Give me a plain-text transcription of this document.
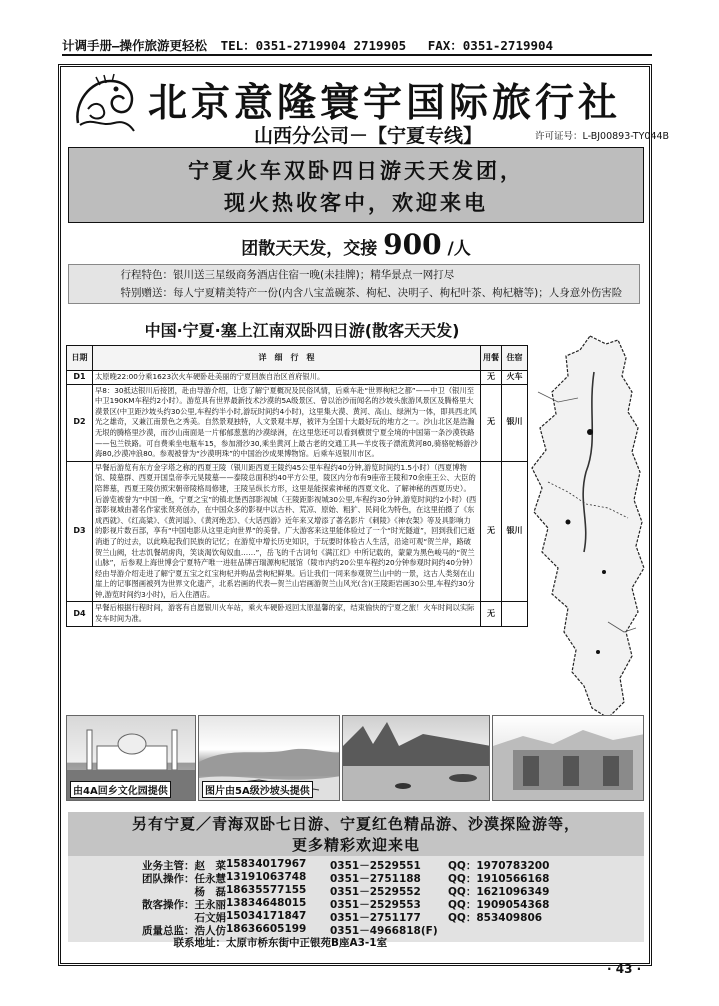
计调手册—操作旅游更轻松 TEL：0351-2719904 2719905 FAX：0351-2719904
北京意隆寰宇国际旅行社
山西分公司－【宁夏专线】	许可证号：L-BJ00893-TY044B
宁夏火车双卧四日游天天发团，
现火热收客中，欢迎来电
团散天天发，交接 900 /人
行程特色：银川送三星级商务酒店住宿一晚(未挂牌)；精华景点一网打尽
特别赠送：每人宁夏精美特产一份(内含八宝盖碗茶、枸杞、决明子、枸杞叶茶、枸杞糖等)；人身意外伤害险
中国·宁夏·塞上江南双卧四日游(散客天天发)
日期	详　细　行　程	用餐	住宿
D1	太原晚22:00分乘1623次火车硬卧赴美丽的宁夏回族自治区首府银川。	无	火车
D2	早8：30抵达银川后接团，赴由导游介绍，让您了解宁夏概况及民俗风情，后乘车赴“世界枸杞之都”——中卫（银川至中卫190KM车程约2小时）。游览具有世界最新技术沙漠的5A级景区、曾以治沙而闻名的沙坡头旅游风景区及腾格里大漠景区(中卫距沙坡头约30公里,车程约半小时,游玩时间约4小时)，这里集大漠、黄河、高山、绿洲为一体，即具西北风光之雄奇，又兼江南景色之秀美。自然景观独特，人文景观丰厚，被评为全国十大最好玩的地方之一。沙山北区是浩瀚无垠的腾格里沙漠，而沙山南面是一片郁郁葱葱的沙漠绿洲，在这里您还可以看到横贯宁夏全境的中国第一条沙漠铁路——包兰铁路。可自费乘坐电瓶车15，参加滑沙30,乘坐黄河上最古老的交通工具—羊皮筏子漂流黄河80,骑骆驼畅游沙海80,沙漠冲浪80。参观被誉为“沙漠明珠”的中国治沙成果博物馆。后乘车返银川市区。	无	银川
D3	早餐后游览有东方金字塔之称的西夏王陵（银川距西夏王陵约45公里车程约40分钟,游览时间约1.5小时）（西夏博物馆、陵墓群、西夏开国皇帝李元昊陵墓——泰陵总面积约40平方公里，陵区内分布有9座帝王陵和70余座王公、大臣的陪葬墓，西夏王陵仿照宋朝帝陵格局修建，王陵呈纵长方形，这里是能探索神秘的西夏文化、了解神秘的西夏历史）。后游览被誉为“中国一绝，宁夏之宝”的镇北堡西部影视城（王陵距影视城30公里,车程约30分钟,游览时间约2小时）(西部影视城由著名作家张贤亮创办，在中国众多的影视中以古朴、荒凉、原始、粗犷、民间化为特色，在这里拍摄了《东成西就》、《红高粱》、《黄河谣》、《黄河绝恋》、《大话西游》近年来又增添了著名影片《刺陵》《神农架》等及具影响力的影视片数百部，享有“中国电影从这里走向世界”的美誉。广大游客来这里能体验过了一个“时光隧道”，回到我们已逝消逝了的过去，以此唤起我们民族的记忆；在游览中增长历史知识，于玩要时体验古人生活，沿途可观“贺兰岸，路破贺兰山阙，壮志饥餐胡虏肉，笑谈渴饮匈奴血……”，岳飞的千古词句《满江红》中所记载的，蒙蒙为黑色峻马的“贺兰山脉”，后参观上海世博会宁夏特产唯一进驻品牌百瑞源枸杞展馆（陵市内约20公里车程约20分钟参观时间约40分钟）经由导游介绍走进了解宁夏五宝之红宝枸杞并购品尝枸杞鲜果。后让我们一同来参观贺兰山中的一景，这古人类刻在山崖上的记事图画被列为世界文化遗产，北系岩画的代表—贺兰山岩画游贺兰山风光(含)(王陵距岩画30公里,车程约30分钟,游览时间约3小时)，后入住酒店。	无	银川
D4	早餐后根据行程时间，游客有自愿银川火车站，乘火车硬卧返回太原温馨的家，结束愉快的宁夏之旅！火车时间以实际发车时间为准。	无	
由4A回乡文化园提供	图片由5A级沙坡头提供
另有宁夏／青海双卧七日游、宁夏红色精品游、沙漠探险游等，
更多精彩欢迎来电
业务主管：赵　菜 15834017967 0351－2529551	QQ：1970783200
团队操作：任永慧 13191063748 0351－2751188	QQ：1910566168
杨　磊 18635577155 0351－2529552	QQ：1621096349
散客操作：王永丽 13834648015 0351－2529553	QQ：1909054368
石文娟 15034171847 0351－2751177	QQ：853409806
质量总监：浩人仿 18636605199 0351－4966818(F)
联系地址： 太原市桥东街中正银苑B座A3-1室
· 43 ·
